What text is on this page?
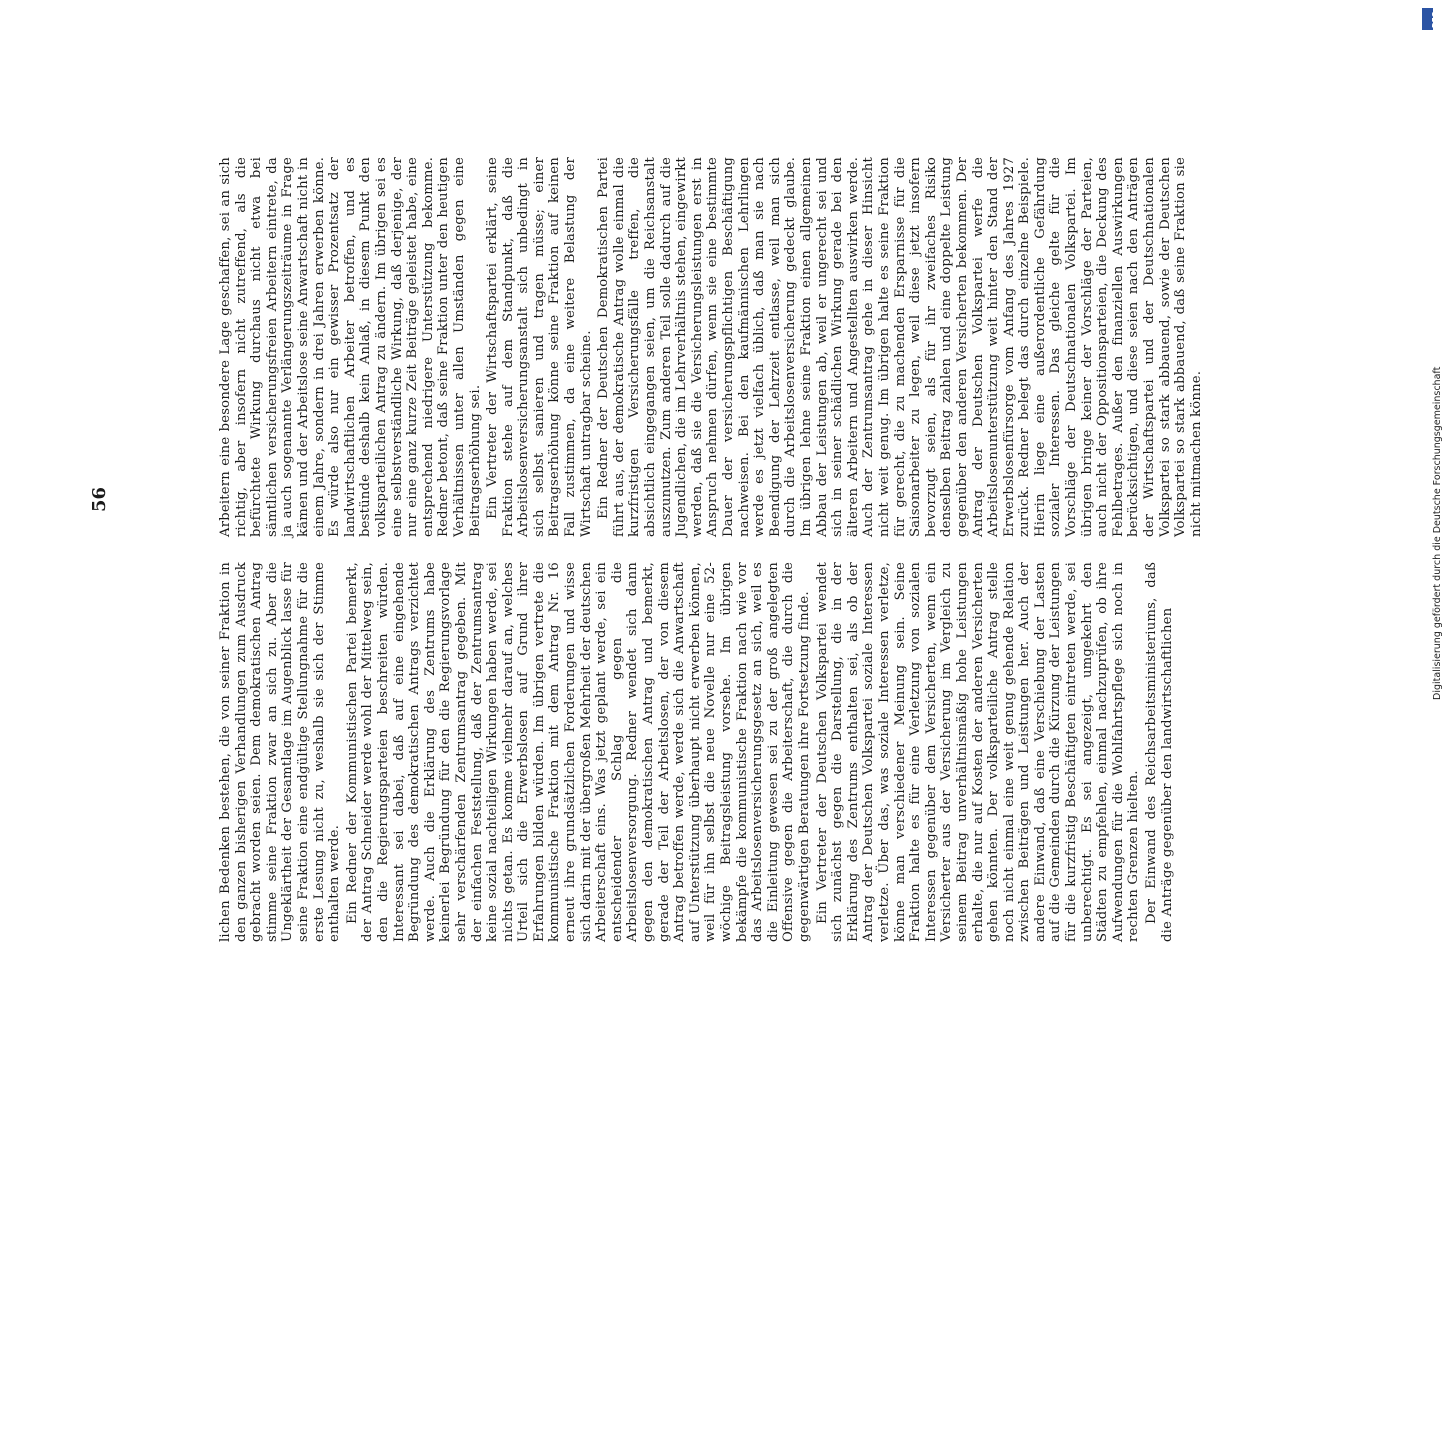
lichen Bedenken bestehen, die von seiner Fraktion in den ganzen bisherigen Verhandlungen zum Ausdruck gebracht worden seien. Dem demokratischen Antrag stimme seine Fraktion zwar an sich zu. Aber die Ungeklärtheit der Gesamtlage im Augenblick lasse für seine Fraktion eine endgültige Stellungnahme für die erste Lesung nicht zu, weshalb sie sich der Stimme enthalten werde. Ein Redner der Kommunistischen Partei bemerkt, der Antrag Schneider werde wohl der Mittelweg sein, den die Regierungsparteien beschreiten würden. Interessant sei dabei, daß auf eine eingehende Begründung des demokratischen Antrags verzichtet werde. Auch die Erklärung des Zentrums habe keinerlei Begründung für den die Regierungsvorlage sehr verschärfenden Zentrumsantrag gegeben. Mit der einfachen Feststellung, daß der Zentrumsantrag keine sozial nachteiligen Wirkungen haben werde, sei nichts getan. Es komme vielmehr darauf an, welches Urteil sich die Erwerbslosen auf Grund ihrer Erfahrungen bilden würden. Im übrigen vertrete die kommunistische Fraktion mit dem Antrag Nr. 16 erneut ihre grundsätzlichen Forderungen und wisse sich darin mit der übergroßen Mehrheit der deutschen Arbeiterschaft eins. Was jetzt geplant werde, sei ein entscheidender Schlag gegen die Arbeitslosenversorgung. Redner wendet sich dann gegen den demokratischen Antrag und bemerkt, gerade der Teil der Arbeitslosen, der von diesem Antrag betroffen werde, werde sich die Anwartschaft auf Unterstützung überhaupt nicht erwerben können, weil für ihn selbst die neue Novelle nur eine 52-wöchige Beitragsleistung vorsehe. Im übrigen bekämpfe die kommunistische Fraktion nach wie vor das Arbeitslosenversicherungsgesetz an sich, weil es die Einleitung gewesen sei zu der groß angelegten Offensive gegen die Arbeiterschaft, die durch die gegenwärtigen Beratungen ihre Fortsetzung finde. Ein Vertreter der Deutschen Volkspartei wendet sich zunächst gegen die Darstellung, die in der Erklärung des Zentrums enthalten sei, als ob der Antrag der Deutschen Volkspartei soziale Interessen verletze. Über das, was soziale Interessen verletze, könne man verschiedener Meinung sein. Seine Fraktion halte es für eine Verletzung von sozialen Interessen gegenüber dem Versicherten, wenn ein Versicherter aus der Versicherung im Vergleich zu seinem Beitrag unverhältnismäßig hohe Leistungen erhalte, die nur auf Kosten der anderen Versicherten gehen könnten. Der volksparteiliche Antrag stelle noch nicht einmal eine weit genug gehende Relation zwischen Beiträgen und Leistungen her. Auch der andere Einwand, daß eine Verschiebung der Lasten auf die Gemeinden durch die Kürzung der Leistungen für die kurzfristig Beschäftigten eintreten werde, sei unberechtigt. Es sei angezeigt, umgekehrt den Städten zu empfehlen, einmal nachzuprüfen, ob ihre Aufwendungen für die Wohlfahrtspflege sich noch in rechten Grenzen hielten. Der Einwand des Reichsarbeitsministeriums, daß die Anträge gegenüber den landwirtschaftlichen

Arbeitern eine besondere Lage geschaffen, sei an sich richtig, aber insofern nicht zutreffend, als die befürchtete Wirkung durchaus nicht etwa bei sämtlichen versicherungsfreien Arbeitern eintrete, da ja auch sogenannte Verlängerungszeiträume in Frage kämen und der Arbeitslose seine Anwartschaft nicht in einem Jahre, sondern in drei Jahren erwerben könne. Es würde also nur ein gewisser Prozentsatz der landwirtschaftlichen Arbeiter betroffen, und es bestünde deshalb kein Anlaß, in diesem Punkt den volksparteilichen Antrag zu ändern. Im übrigen sei es eine selbstverständliche Wirkung, daß derjenige, der nur eine ganz kurze Zeit Beiträge geleistet habe, eine entsprechend niedrigere Unterstützung bekomme. Redner betont, daß seine Fraktion unter den heutigen Verhältnissen unter allen Umständen gegen eine Beitragserhöhung sei. Ein Vertreter der Wirtschaftspartei erklärt, seine Fraktion stehe auf dem Standpunkt, daß die Arbeitslosenversicherungsanstalt sich unbedingt in sich selbst sanieren und tragen müsse; einer Beitragserhöhung könne seine Fraktion auf keinen Fall zustimmen, da eine weitere Belastung der Wirtschaft untragbar scheine. Ein Redner der Deutschen Demokratischen Partei führt aus, der demokratische Antrag wolle einmal die kurzfristigen Versicherungsfälle treffen, die absichtlich eingegangen seien, um die Reichsanstalt auszunutzen. Zum anderen Teil solle dadurch auf die Jugendlichen, die im Lehrverhältnis stehen, eingewirkt werden, daß sie die Versicherungsleistungen erst in Anspruch nehmen dürfen, wenn sie eine bestimmte Dauer der versicherungspflichtigen Beschäftigung nachweisen. Bei den kaufmännischen Lehrlingen werde es jetzt vielfach üblich, daß man sie nach Beendigung der Lehrzeit entlasse, weil man sich durch die Arbeitslosenversicherung gedeckt glaube. Im übrigen lehne seine Fraktion einen allgemeinen Abbau der Leistungen ab, weil er ungerecht sei und sich in seiner schädlichen Wirkung gerade bei den älteren Arbeitern und Angestellten auswirken werde. Auch der Zentrumsantrag gehe in dieser Hinsicht nicht weit genug. Im übrigen halte es seine Fraktion für gerecht, die zu machenden Ersparnisse für die Saisonarbeiter zu legen, weil diese jetzt insofern bevorzugt seien, als für ihr zweifaches Risiko denselben Beitrag zahlen und eine doppelte Leistung gegenüber den anderen Versicherten bekommen. Der Antrag der Deutschen Volkspartei werfe die Arbeitslosenunterstützung weit hinter den Stand der Erwerbslosenfürsorge vom Anfang des Jahres 1927 zurück. Redner belegt das durch einzelne Beispiele. Hierin liege eine außerordentliche Gefährdung sozialer Interessen. Das gleiche gelte für die Vorschläge der Deutschnationalen Volkspartei. Im übrigen bringe keiner der Vorschläge der Parteien, auch nicht der Oppositionsparteien, die Deckung des Fehlbetrages. Außer den finanziellen Auswirkungen berücksichtigen, und diese seien nach den Anträgen der Wirtschaftspartei und der Deutschnationalen Volkspartei so stark abbauend, sowie der Deutschen Volkspartei so stark abbauend, daß seine Fraktion sie nicht mitmachen könne.

56
DFG
Digitalisierung gefördert durch die Deutsche Forschungsgemeinschaft
